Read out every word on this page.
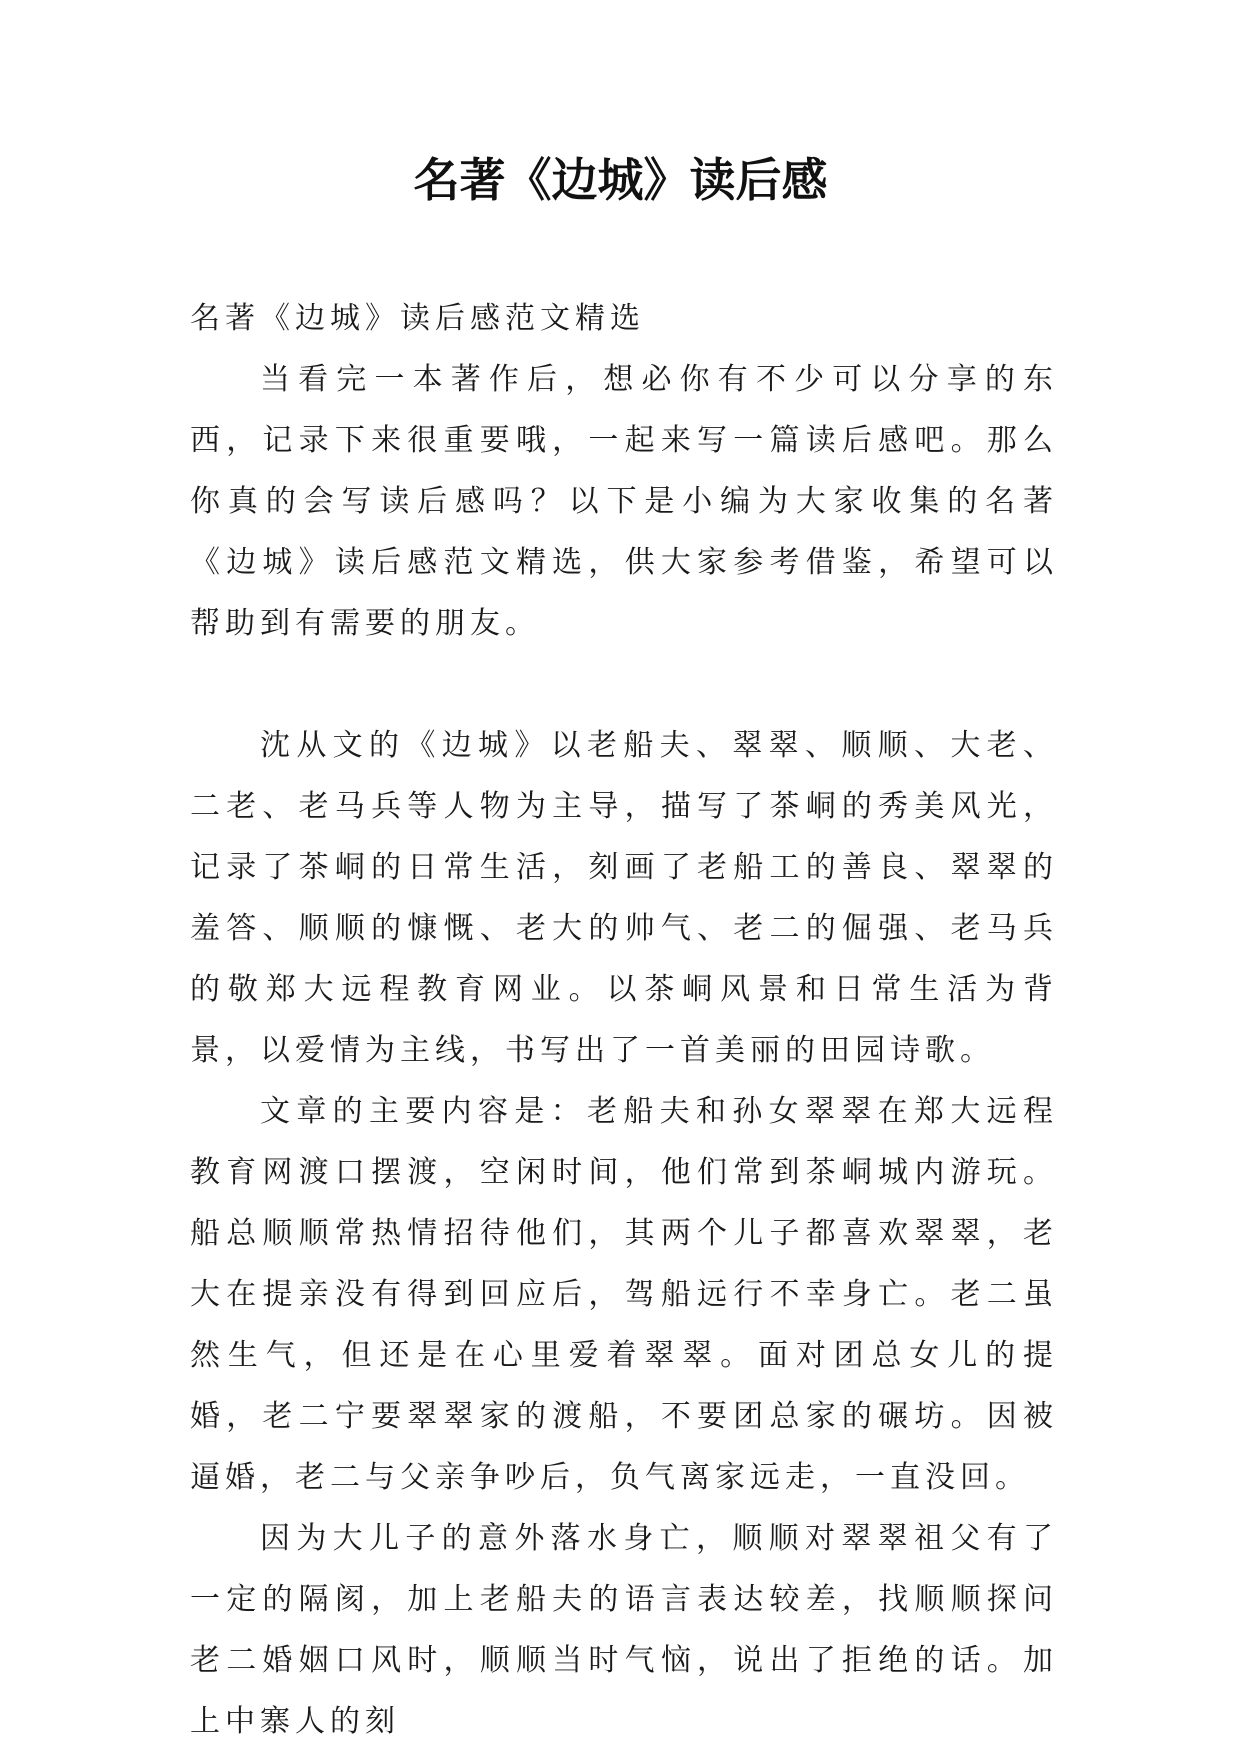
名著《边城》读后感

名著《边城》读后感范文精选

当看完一本著作后，想必你有不少可以分享的东西，记录下来很重要哦，一起来写一篇读后感吧。那么你真的会写读后感吗？以下是小编为大家收集的名著《边城》读后感范文精选，供大家参考借鉴，希望可以帮助到有需要的朋友。

沈从文的《边城》以老船夫、翠翠、顺顺、大老、二老、老马兵等人物为主导，描写了茶峒的秀美风光，记录了茶峒的日常生活，刻画了老船工的善良、翠翠的羞答、顺顺的慷慨、老大的帅气、老二的倔强、老马兵的敬郑大远程教育网业。以茶峒风景和日常生活为背景，以爱情为主线，书写出了一首美丽的田园诗歌。

文章的主要内容是：老船夫和孙女翠翠在郑大远程教育网渡口摆渡，空闲时间，他们常到茶峒城内游玩。船总顺顺常热情招待他们，其两个儿子都喜欢翠翠，老大在提亲没有得到回应后，驾船远行不幸身亡。老二虽然生气，但还是在心里爱着翠翠。面对团总女儿的提婚，老二宁要翠翠家的渡船，不要团总家的碾坊。因被逼婚，老二与父亲争吵后，负气离家远走，一直没回。

因为大儿子的意外落水身亡，顺顺对翠翠祖父有了一定的隔阂，加上老船夫的语言表达较差，找顺顺探问老二婚姻口风时，顺顺当时气恼，说出了拒绝的话。加上中寨人的刻
